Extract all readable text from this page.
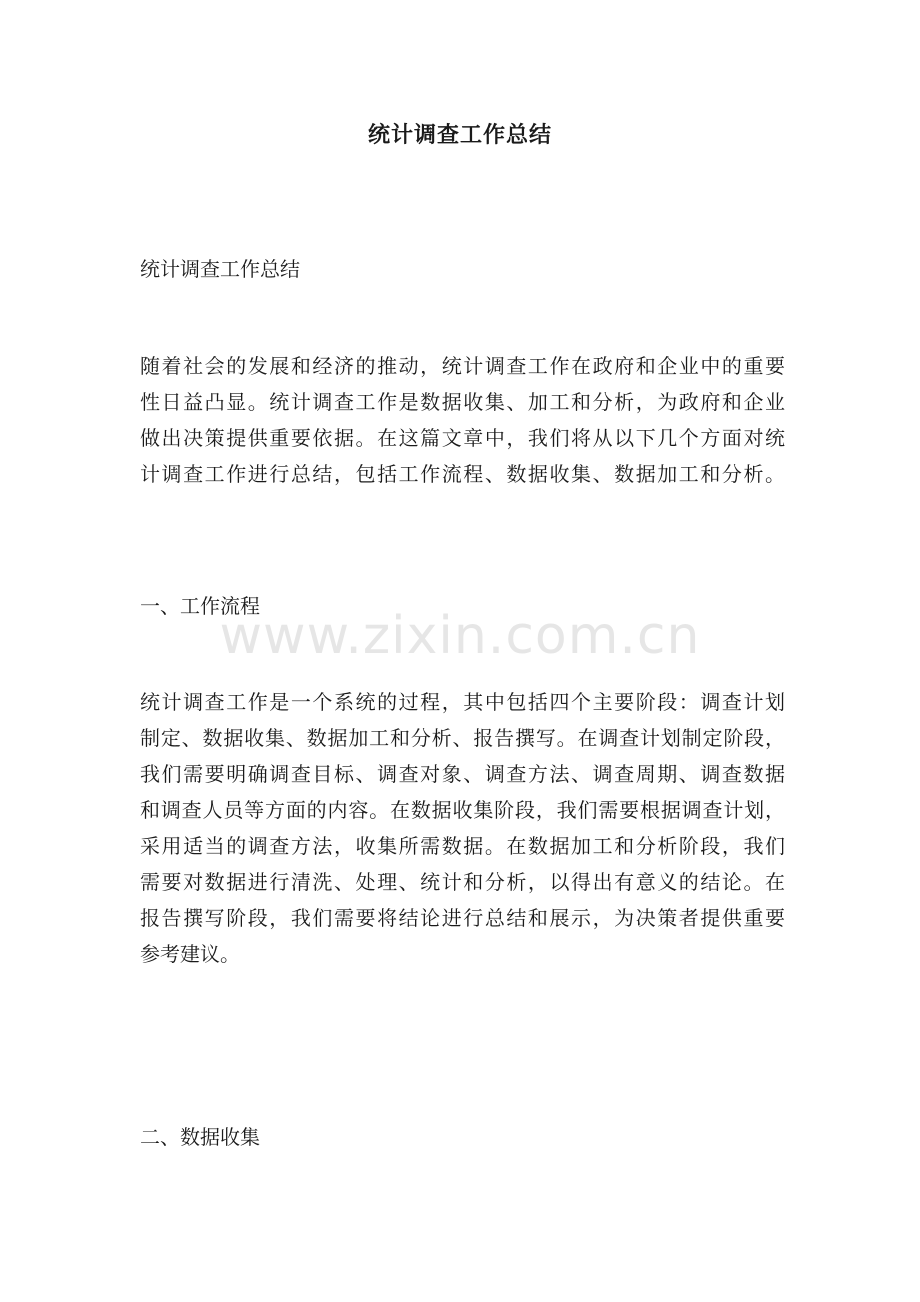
www.zixin.com.cn
统计调查工作总结

统计调查工作总结

随着社会的发展和经济的推动，统计调查工作在政府和企业中的重要
性日益凸显。统计调查工作是数据收集、加工和分析，为政府和企业
做出决策提供重要依据。在这篇文章中，我们将从以下几个方面对统
计调查工作进行总结，包括工作流程、数据收集、数据加工和分析。

一、工作流程

统计调查工作是一个系统的过程，其中包括四个主要阶段：调查计划
制定、数据收集、数据加工和分析、报告撰写。在调查计划制定阶段，
我们需要明确调查目标、调查对象、调查方法、调查周期、调查数据
和调查人员等方面的内容。在数据收集阶段，我们需要根据调查计划，
采用适当的调查方法，收集所需数据。在数据加工和分析阶段，我们
需要对数据进行清洗、处理、统计和分析，以得出有意义的结论。在
报告撰写阶段，我们需要将结论进行总结和展示，为决策者提供重要
参考建议。

二、数据收集
